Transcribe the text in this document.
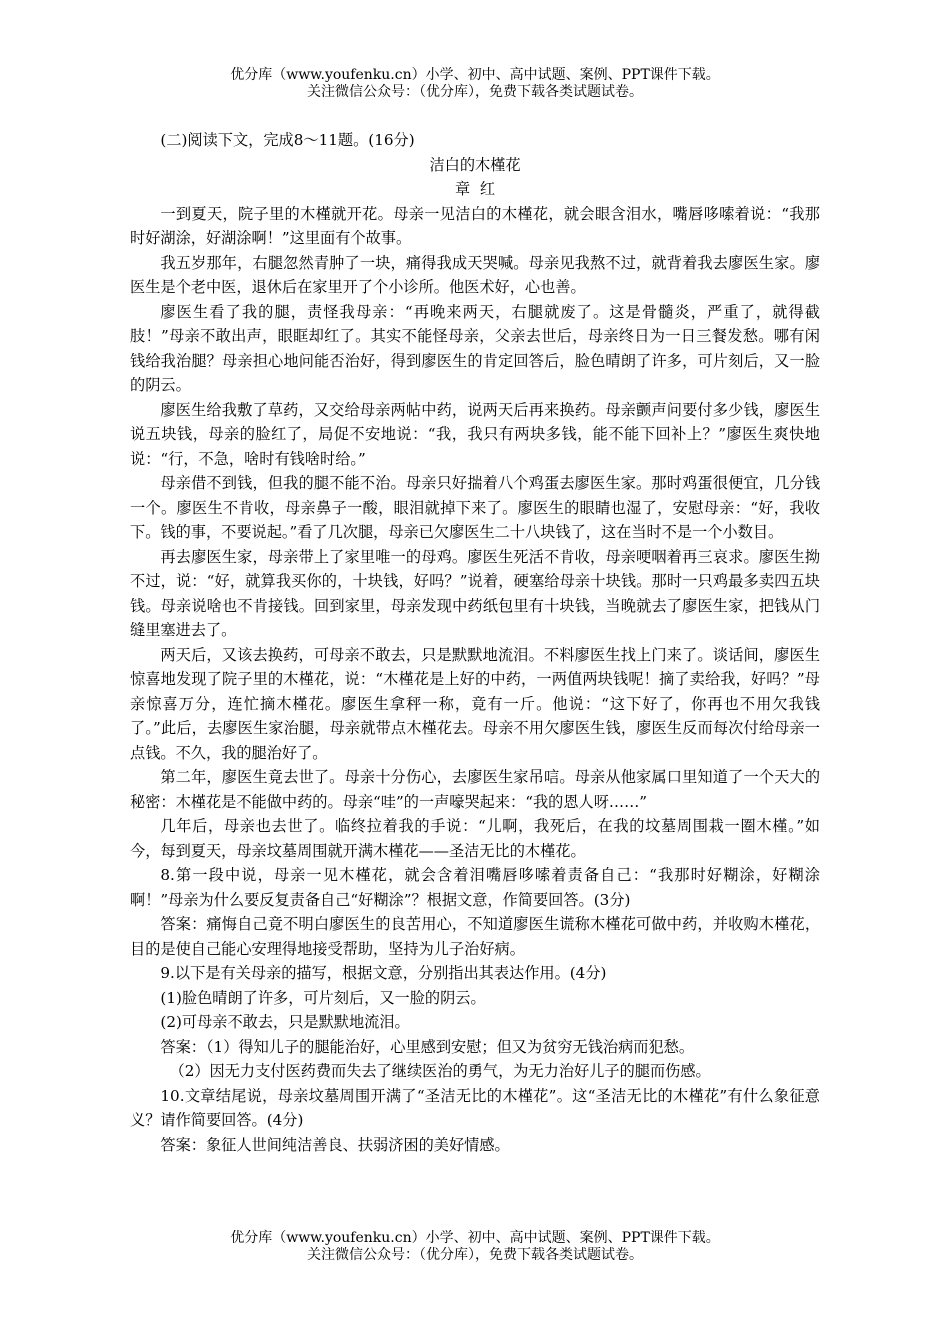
优分库（www.youfenku.cn）小学、初中、高中试题、案例、PPT课件下载。
关注微信公众号：（优分库），免费下载各类试题试卷。

(二)阅读下文，完成8～11题。(16分)

洁白的木槿花

章  红

一到夏天，院子里的木槿就开花。母亲一见洁白的木槿花，就会眼含泪水，嘴唇哆嗦着说：“我那时好湖涂，好湖涂啊！”这里面有个故事。

我五岁那年，右腿忽然青肿了一块，痛得我成天哭喊。母亲见我熬不过，就背着我去廖医生家。廖医生是个老中医，退休后在家里开了个小诊所。他医术好，心也善。

廖医生看了我的腿，责怪我母亲：“再晚来两天，右腿就废了。这是骨髓炎，严重了，就得截肢！”母亲不敢出声，眼眶却红了。其实不能怪母亲，父亲去世后，母亲终日为一日三餐发愁。哪有闲钱给我治腿？母亲担心地问能否治好，得到廖医生的肯定回答后，脸色晴朗了许多，可片刻后，又一脸的阴云。

廖医生给我敷了草药，又交给母亲两帖中药，说两天后再来换药。母亲颤声问要付多少钱，廖医生说五块钱，母亲的脸红了，局促不安地说：“我，我只有两块多钱，能不能下回补上？”廖医生爽快地说：“行，不急，啥时有钱啥时给。”

母亲借不到钱，但我的腿不能不治。母亲只好揣着八个鸡蛋去廖医生家。那时鸡蛋很便宜，几分钱一个。廖医生不肯收，母亲鼻子一酸，眼泪就掉下来了。廖医生的眼睛也湿了，安慰母亲：“好，我收下。钱的事，不要说起。”看了几次腿，母亲已欠廖医生二十八块钱了，这在当时不是一个小数目。

再去廖医生家，母亲带上了家里唯一的母鸡。廖医生死活不肯收，母亲哽咽着再三哀求。廖医生拗不过，说：“好，就算我买你的，十块钱，好吗？”说着，硬塞给母亲十块钱。那时一只鸡最多卖四五块钱。母亲说啥也不肯接钱。回到家里，母亲发现中药纸包里有十块钱，当晚就去了廖医生家，把钱从门缝里塞进去了。

两天后，又该去换药，可母亲不敢去，只是默默地流泪。不料廖医生找上门来了。谈话间，廖医生惊喜地发现了院子里的木槿花，说：“木槿花是上好的中药，一两值两块钱呢！摘了卖给我，好吗？”母亲惊喜万分，连忙摘木槿花。廖医生拿秤一称，竟有一斤。他说：“这下好了，你再也不用欠我钱了。”此后，去廖医生家治腿，母亲就带点木槿花去。母亲不用欠廖医生钱，廖医生反而每次付给母亲一点钱。不久，我的腿治好了。

第二年，廖医生竟去世了。母亲十分伤心，去廖医生家吊唁。母亲从他家属口里知道了一个天大的秘密：木槿花是不能做中药的。母亲“哇”的一声嚎哭起来：“我的恩人呀……”

几年后，母亲也去世了。临终拉着我的手说：“儿啊，我死后，在我的坟墓周围栽一圈木槿。”如今，每到夏天，母亲坟墓周围就开满木槿花——圣洁无比的木槿花。

8.第一段中说，母亲一见木槿花，就会含着泪嘴唇哆嗦着责备自己：“我那时好糊涂，好糊涂啊！”母亲为什么要反复责备自己“好糊涂”？根据文意，作简要回答。(3分)

答案：痛悔自己竟不明白廖医生的良苦用心，不知道廖医生谎称木槿花可做中药，并收购木槿花，目的是使自己能心安理得地接受帮助，坚持为儿子治好病。

9.以下是有关母亲的描写，根据文意，分别指出其表达作用。(4分)

(1)脸色晴朗了许多，可片刻后，又一脸的阴云。

(2)可母亲不敢去，只是默默地流泪。

答案：（1）得知儿子的腿能治好，心里感到安慰；但又为贫穷无钱治病而犯愁。

（2）因无力支付医药费而失去了继续医治的勇气，为无力治好儿子的腿而伤感。

10.文章结尾说，母亲坟墓周围开满了“圣洁无比的木槿花”。这“圣洁无比的木槿花”有什么象征意义？请作简要回答。(4分)

答案：象征人世间纯洁善良、扶弱济困的美好情感。

优分库（www.youfenku.cn）小学、初中、高中试题、案例、PPT课件下载。
关注微信公众号：（优分库），免费下载各类试题试卷。
